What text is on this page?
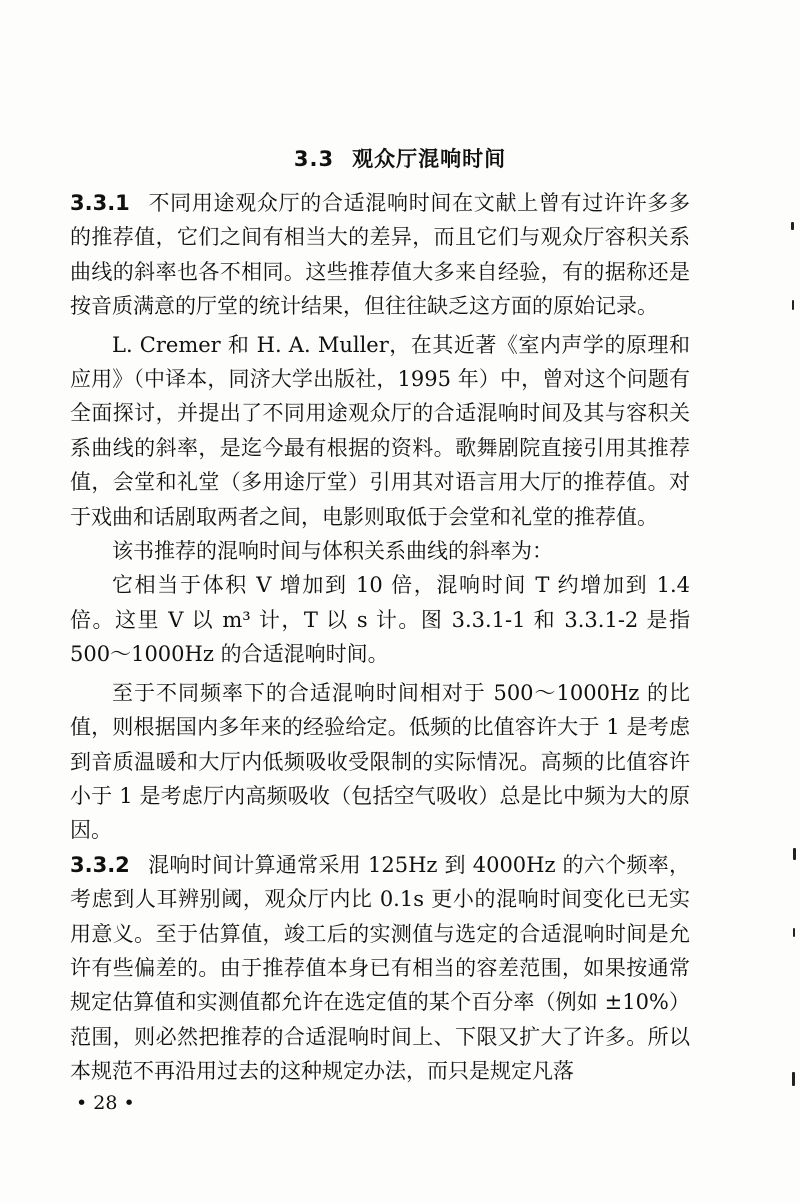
3.3 观众厅混响时间

3.3.1 不同用途观众厅的合适混响时间在文献上曾有过许许多多的推荐值，它们之间有相当大的差异，而且它们与观众厅容积关系曲线的斜率也各不相同。这些推荐值大多来自经验，有的据称还是按音质满意的厅堂的统计结果，但往往缺乏这方面的原始记录。

L. Cremer 和 H. A. Muller，在其近著《室内声学的原理和应用》（中译本，同济大学出版社，1995 年）中，曾对这个问题有全面探讨，并提出了不同用途观众厅的合适混响时间及其与容积关系曲线的斜率，是迄今最有根据的资料。歌舞剧院直接引用其推荐值，会堂和礼堂（多用途厅堂）引用其对语言用大厅的推荐值。对于戏曲和话剧取两者之间，电影则取低于会堂和礼堂的推荐值。

该书推荐的混响时间与体积关系曲线的斜率为：

它相当于体积 V 增加到 10 倍，混响时间 T 约增加到 1.4 倍。这里 V 以 m³ 计，T 以 s 计。图 3.3.1-1 和 3.3.1-2 是指 500～1000Hz 的合适混响时间。

至于不同频率下的合适混响时间相对于 500～1000Hz 的比值，则根据国内多年来的经验给定。低频的比值容许大于 1 是考虑到音质温暖和大厅内低频吸收受限制的实际情况。高频的比值容许小于 1 是考虑厅内高频吸收（包括空气吸收）总是比中频为大的原因。

3.3.2 混响时间计算通常采用 125Hz 到 4000Hz 的六个频率，考虑到人耳辨别阈，观众厅内比 0.1s 更小的混响时间变化已无实用意义。至于估算值，竣工后的实测值与选定的合适混响时间是允许有些偏差的。由于推荐值本身已有相当的容差范围，如果按通常规定估算值和实测值都允许在选定值的某个百分率（例如 ±10%）范围，则必然把推荐的合适混响时间上、下限又扩大了许多。所以本规范不再沿用过去的这种规定办法，而只是规定凡落

• 28 •
